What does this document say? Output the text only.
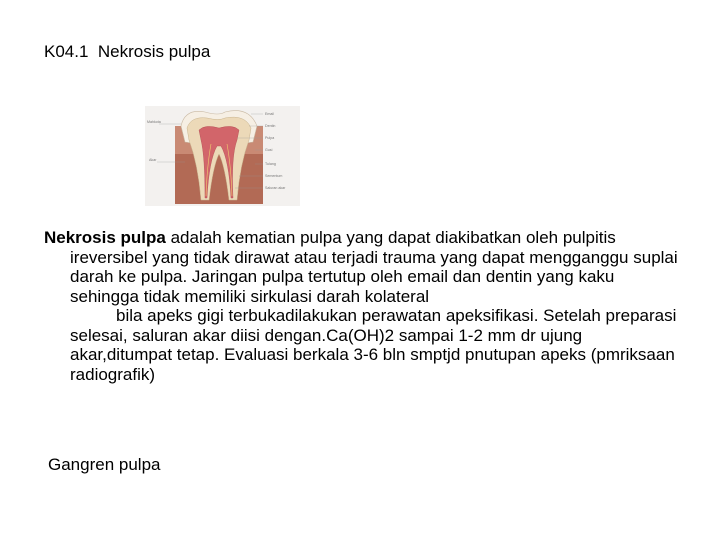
K04.1  Nekrosis pulpa
Mahkota
Akar
Email
Dentin
Pulpa
Gusi
Tulang
Sementum
Saluran akar

Nekrosis pulpa adalah kematian pulpa yang dapat diakibatkan oleh pulpitis ireversibel yang tidak dirawat atau terjadi trauma yang dapat mengganggu suplai darah ke pulpa. Jaringan pulpa tertutup oleh email dan dentin yang kaku sehingga tidak memiliki sirkulasi darah kolateral

bila apeks gigi terbukadilakukan perawatan apeksifikasi. Setelah preparasi selesai, saluran akar diisi dengan.Ca(OH)2 sampai 1-2 mm dr ujung akar,ditumpat tetap. Evaluasi berkala 3-6 bln smptjd pnutupan apeks (pmriksaan radiografik)

Gangren pulpa
